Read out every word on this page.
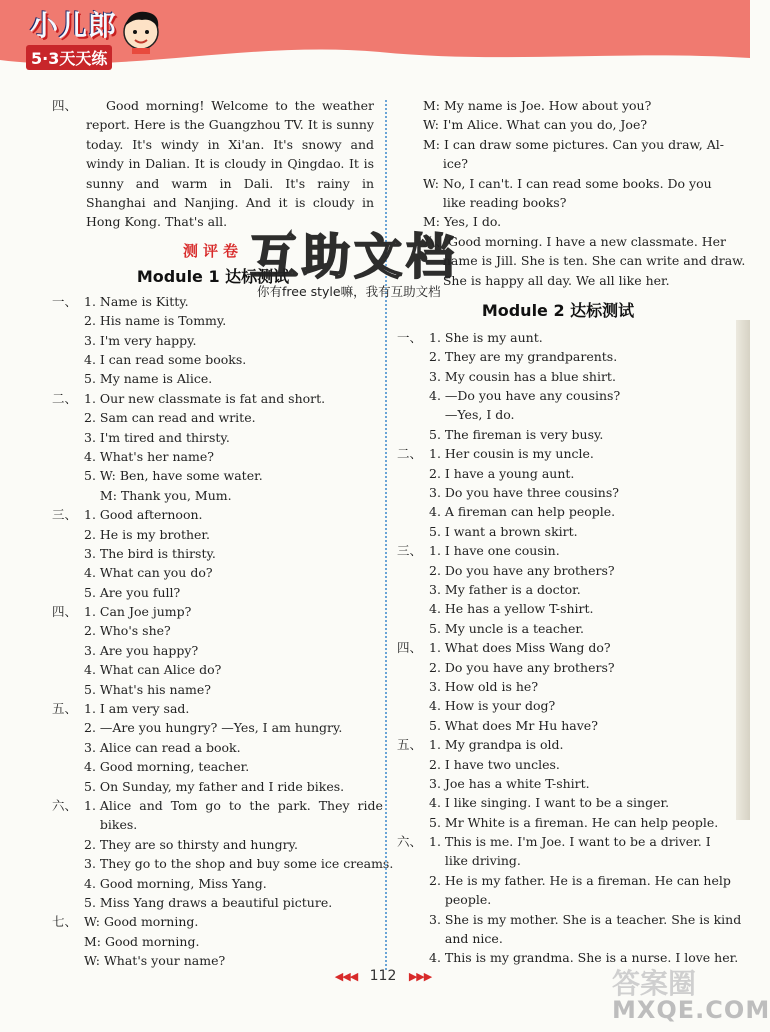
小儿郎
5·3天天练
四、	Good morning! Welcome to the weather report. Here is the Guangzhou TV. It is sunny today. It's windy in Xi'an. It's snowy and windy in Dalian. It is cloudy in Qingdao. It is sunny and warm in Dali. It's rainy in Shanghai and Nanjing. And it is cloudy in Hong Kong. That's all.
测评卷
Module 1 达标测试
一、 1. Name is Kitty.
2. His name is Tommy.
3. I'm very happy.
4. I can read some books.
5. My name is Alice.
二、 1. Our new classmate is fat and short.
2. Sam can read and write.
3. I'm tired and thirsty.
4. What's her name?
5. W: Ben, have some water.
M: Thank you, Mum.
三、 1. Good afternoon.
2. He is my brother.
3. The bird is thirsty.
4. What can you do?
5. Are you full?
四、 1. Can Joe jump?
2. Who's she?
3. Are you happy?
4. What can Alice do?
5. What's his name?
五、 1. I am very sad.
2. —Are you hungry? —Yes, I am hungry.
3. Alice can read a book.
4. Good morning, teacher.
5. On Sunday, my father and I ride bikes.
六、 1. Alice  and  Tom  go  to  the  park.  They  ride
bikes.
2. They are so thirsty and hungry.
3. They go to the shop and buy some ice creams.
4. Good morning, Miss Yang.
5. Miss Yang draws a beautiful picture.
七、 W: Good morning.
M: Good morning.
W: What's your name?
M: My name is Joe. How about you?
W: I'm Alice. What can you do, Joe?
M: I can draw some pictures. Can you draw, Al-
ice?
W: No, I can't. I can read some books. Do you
like reading books?
M: Yes, I do.
八、Good morning. I have a new classmate. Her
name is Jill. She is ten. She can write and draw.
She is happy all day. We all like her.
Module 2 达标测试
一、 1. She is my aunt.
2. They are my grandparents.
3. My cousin has a blue shirt.
4. —Do you have any cousins?
—Yes, I do.
5. The fireman is very busy.
二、 1. Her cousin is my uncle.
2. I have a young aunt.
3. Do you have three cousins?
4. A fireman can help people.
5. I want a brown skirt.
三、 1. I have one cousin.
2. Do you have any brothers?
3. My father is a doctor.
4. He has a yellow T-shirt.
5. My uncle is a teacher.
四、 1. What does Miss Wang do?
2. Do you have any brothers?
3. How old is he?
4. How is your dog?
5. What does Mr Hu have?
五、 1. My grandpa is old.
2. I have two uncles.
3. Joe has a white T-shirt.
4. I like singing. I want to be a singer.
5. Mr White is a fireman. He can help people.
六、 1. This is me. I'm Joe. I want to be a driver. I
like driving.
2. He is my father. He is a fireman. He can help
people.
3. She is my mother. She is a teacher. She is kind
and nice.
4. This is my grandma. She is a nurse. I love her.
互助文档
你有free style嘛，我有互助文档
◀◀◀ 112 ▶▶▶	答案圈
MXQE.COM
